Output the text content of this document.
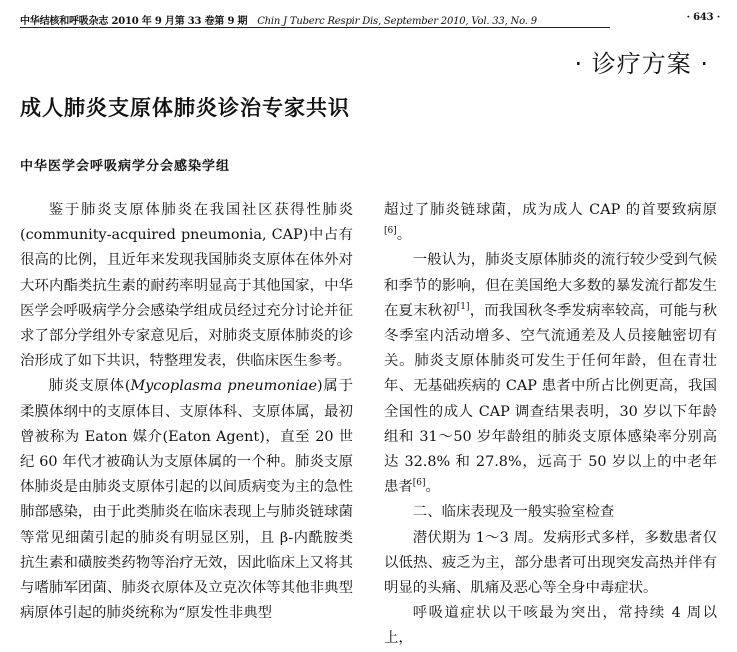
中华结核和呼吸杂志 2010 年 9 月第 33 卷第 9 期 Chin J Tuberc Respir Dis, September 2010, Vol. 33, No. 9	· 643 ·
· 诊疗方案 ·
成人肺炎支原体肺炎诊治专家共识
中华医学会呼吸病学分会感染学组

鉴于肺炎支原体肺炎在我国社区获得性肺炎(community-acquired pneumonia, CAP)中占有很高的比例，且近年来发现我国肺炎支原体在体外对大环内酯类抗生素的耐药率明显高于其他国家，中华医学会呼吸病学分会感染学组成员经过充分讨论并征求了部分学组外专家意见后，对肺炎支原体肺炎的诊治形成了如下共识，特整理发表，供临床医生参考。

肺炎支原体(Mycoplasma pneumoniae)属于柔膜体纲中的支原体目、支原体科、支原体属，最初曾被称为 Eaton 媒介(Eaton Agent)，直至 20 世纪 60 年代才被确认为支原体属的一个种。肺炎支原体肺炎是由肺炎支原体引起的以间质病变为主的急性肺部感染，由于此类肺炎在临床表现上与肺炎链球菌等常见细菌引起的肺炎有明显区别，且 β-内酰胺类抗生素和磺胺类药物等治疗无效，因此临床上又将其与嗜肺军团菌、肺炎衣原体及立克次体等其他非典型病原体引起的肺炎统称为“原发性非典型

超过了肺炎链球菌，成为成人 CAP 的首要致病原[6]。

一般认为，肺炎支原体肺炎的流行较少受到气候和季节的影响，但在美国绝大多数的暴发流行都发生在夏末秋初[1]，而我国秋冬季发病率较高，可能与秋冬季室内活动增多、空气流通差及人员接触密切有关。肺炎支原体肺炎可发生于任何年龄，但在青壮年、无基础疾病的 CAP 患者中所占比例更高，我国全国性的成人 CAP 调查结果表明，30 岁以下年龄组和 31～50 岁年龄组的肺炎支原体感染率分别高达 32.8% 和 27.8%，远高于 50 岁以上的中老年患者[6]。

二、临床表现及一般实验室检查

潜伏期为 1～3 周。发病形式多样，多数患者仅以低热、疲乏为主，部分患者可出现突发高热并伴有明显的头痛、肌痛及恶心等全身中毒症状。

呼吸道症状以干咳最为突出，常持续 4 周以上，
